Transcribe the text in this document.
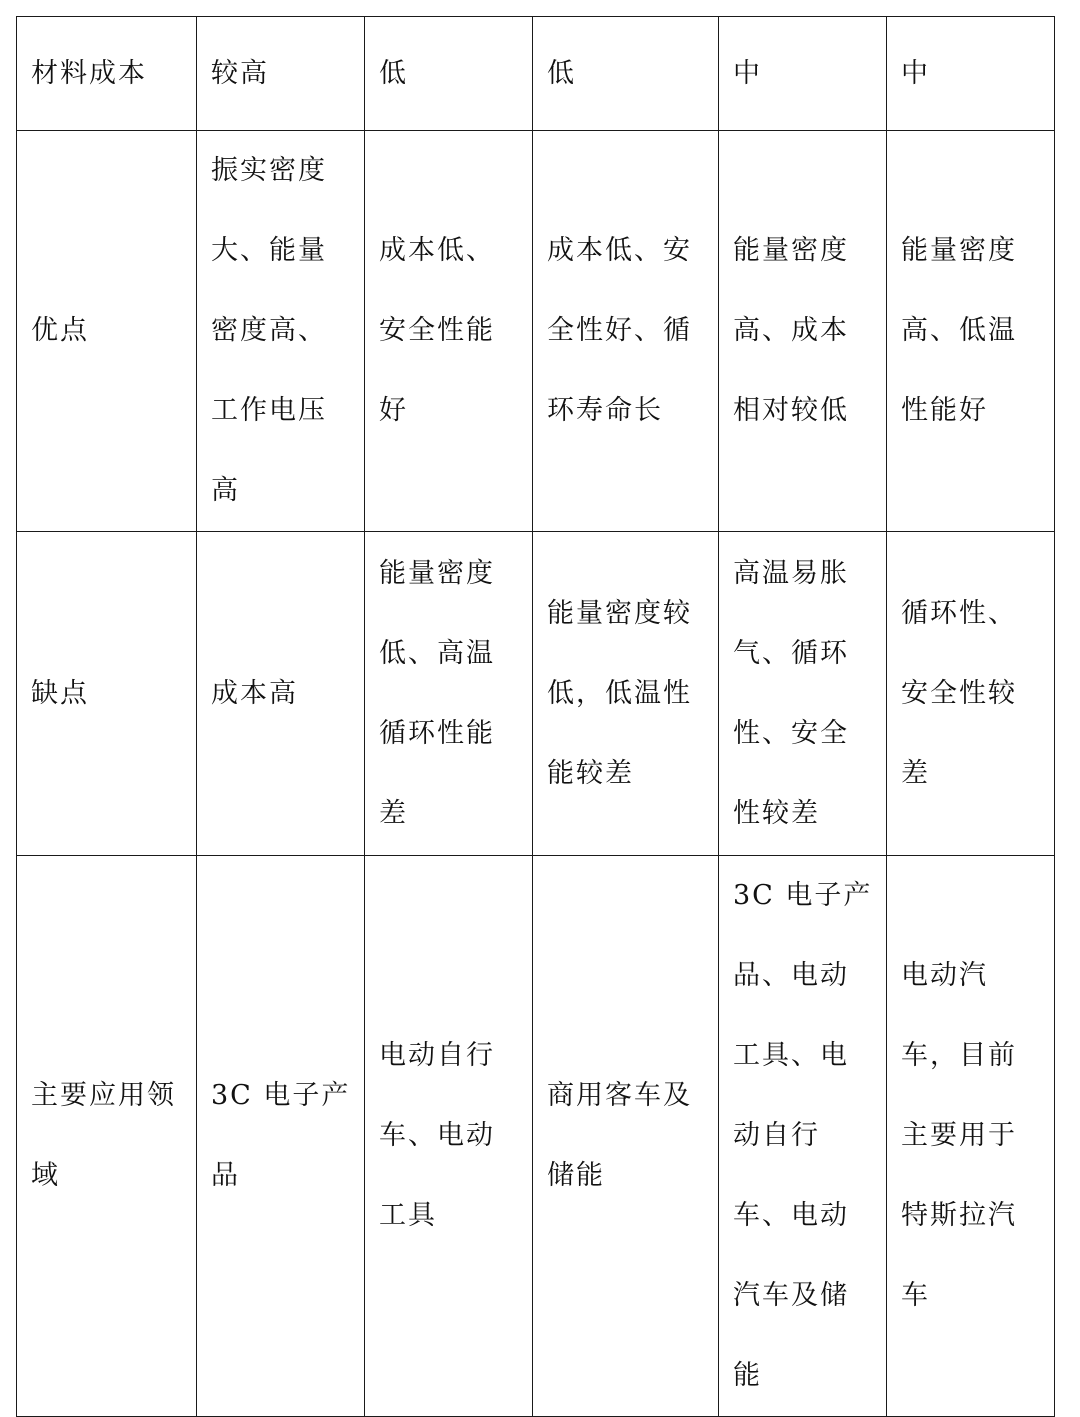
材料成本	较高	低	低	中	中
优点	振实密度大、能量密度高、工作电压高	成本低、安全性能好	成本低、安全性好、循环寿命长	能量密度高、成本相对较低	能量密度高、低温性能好
缺点	成本高	能量密度低、高温循环性能差	能量密度较低，低温性能较差	高温易胀气、循环性、安全性较差	循环性、安全性较差
主要应用领域	3C 电子产品	电动自行车、电动工具	商用客车及储能	3C 电子产品、电动工具、电动自行车、电动汽车及储能	电动汽车，目前主要用于特斯拉汽车
